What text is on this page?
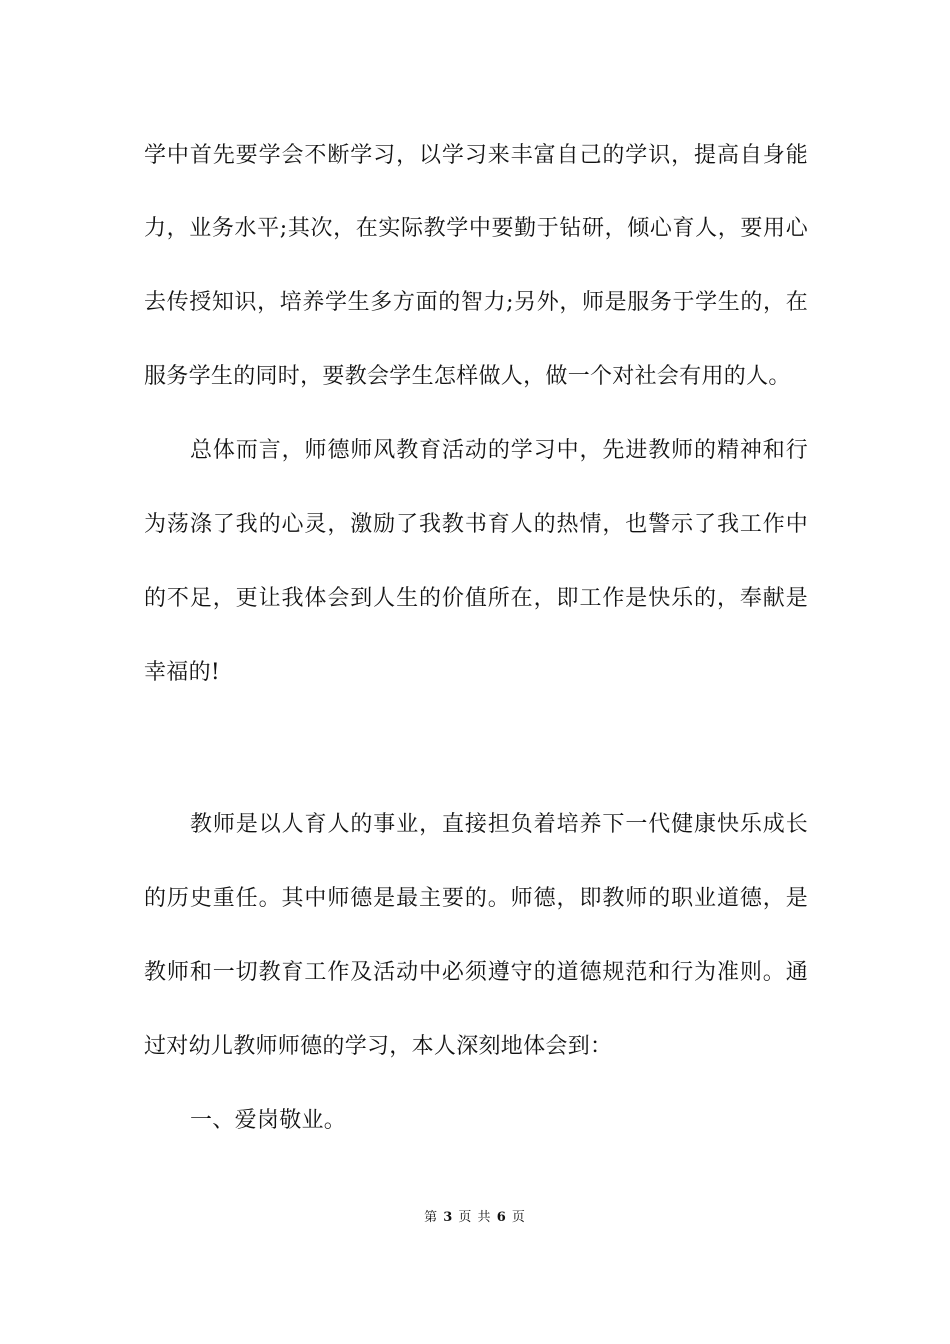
学中首先要学会不断学习，以学习来丰富自己的学识，提高自身能
力，业务水平;其次，在实际教学中要勤于钻研，倾心育人，要用心
去传授知识，培养学生多方面的智力;另外，师是服务于学生的，在
服务学生的同时，要教会学生怎样做人，做一个对社会有用的人。
总体而言，师德师风教育活动的学习中，先进教师的精神和行
为荡涤了我的心灵，激励了我教书育人的热情，也警示了我工作中
的不足，更让我体会到人生的价值所在，即工作是快乐的，奉献是
幸福的!
教师是以人育人的事业，直接担负着培养下一代健康快乐成长
的历史重任。其中师德是最主要的。师德，即教师的职业道德，是
教师和一切教育工作及活动中必须遵守的道德规范和行为准则。通
过对幼儿教师师德的学习，本人深刻地体会到：
一、爱岗敬业。
第 3 页 共 6 页
